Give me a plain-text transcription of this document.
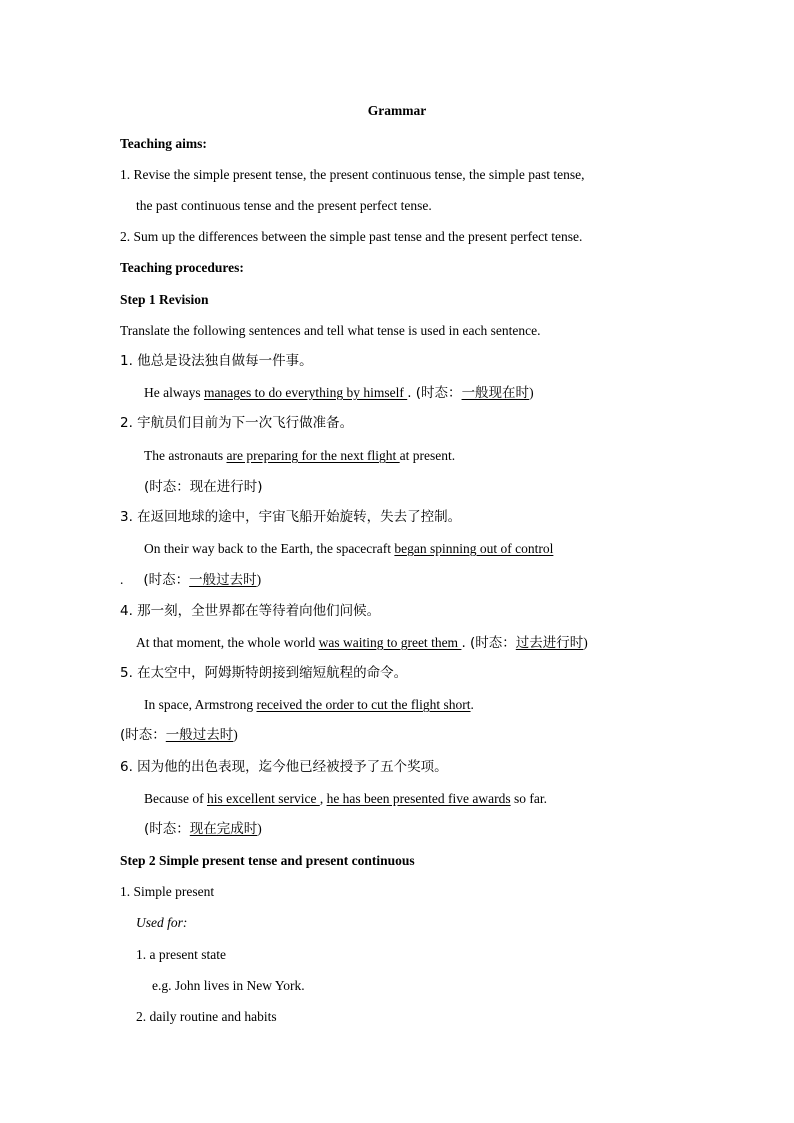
Grammar
Teaching aims:
1. Revise the simple present tense, the present continuous tense, the simple past tense,
the past continuous tense and the present perfect tense.
2. Sum up the differences between the simple past tense and the present perfect tense.
Teaching procedures:
Step 1 Revision
Translate the following sentences and tell what tense is used in each sentence.
1. 他总是设法独自做每一件事。
He always manages to do everything by himself . (时态：一般现在时)
2. 宇航员们目前为下一次飞行做准备。
The astronauts are preparing for the next flight at present.
(时态：现在进行时)
3. 在返回地球的途中，宇宙飞船开始旋转，失去了控制。
On their way back to the Earth, the spacecraft began spinning out of control
. (时态：一般过去时)
4. 那一刻，全世界都在等待着向他们问候。
At that moment, the whole world was waiting to greet them . (时态：过去进行时)
5. 在太空中，阿姆斯特朗接到缩短航程的命令。
In space, Armstrong received the order to cut the flight short.
(时态：一般过去时)
6. 因为他的出色表现，迄今他已经被授予了五个奖项。
Because of his excellent service , he has been presented five awards so far.
(时态：现在完成时)
Step 2 Simple present tense and present continuous
1. Simple present
Used for:
1. a present state
e.g. John lives in New York.
2. daily routine and habits
